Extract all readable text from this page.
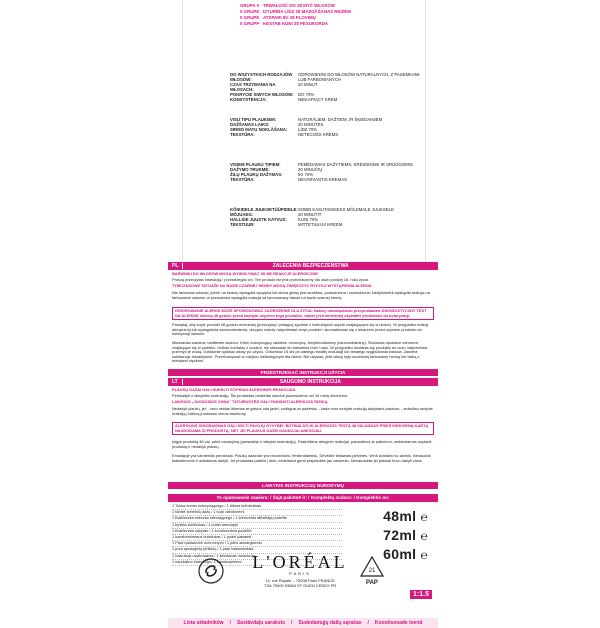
GRUPA 0 TRWAŁOŚĆ DO 28 MYĆ WŁOSÓW
0 GRUPE IZTURĪBA LĪDZ 28 MAZGĀŠANAS REIZĒM
0 GRUPĖ ATSPARI IKI 28 PLOVIMŲ
0 GRUPP KESTAB KUNI 28 PESUKORDA
DO WSZYSTKICH RODZAJÓW WŁOSÓW:
ODPOWIEDNI DO WŁOSÓW NATURALNYCH, Z PASEMKAMI LUB FARBOWANYCH
CZAS TRZYMANIA NA WŁOSACH:
20 MINUT
POKRYCIE SIWYCH WŁOSÓW:	DO 70%
KONSYSTENCJA:	NIEKAPIĄCY KREM
VISU TIPU PLAUKIEM:	NATURĀLIEM, DAŽTIEM, IR ŠĶIEDAINIEM
DAŽŠANAS LAIKS:	20 MINŪTES
SIRMO MATU NOKLĀŠANA:	LĪDZ 70%
TEKSTŪRA:	NETECOŠS KRĒMS
VISIEM PLAUKU TIPIEM:	PEMĖDAMAS DAŽYTIEMS, KRĖSNIOMS IR SRUOGOMIS
DAŽYMO TRUKMĖ:	20 MINUČIŲ
ŽILŲ PLAUKŲ DAŽYMAS:	IKI 70%
TEKSTŪRA:	NEVARVANTIS KREMAS
KÕIKIDELE JUUKSETÜÜPIDELE: SOBIB KASUTAMISEKS MÕLEMALE JUUKSELE
MÕJUAEG:	20 MINUTIT
HALLIDE JUUSTE KATVUS:	KUNI 70%
TEKSTUUR:	MITTETILKUV KREEM
PL	ZALECENIA BEZPIECZEŃSTWA
BARWNIKI DO WŁOSÓW MOGĄ WYWOŁYWAĆ SILNE REAKCJE ALERGICZNE.
Proszę przeczytać instrukcję i przestrzegać ich. Ten produkt nie jest przeznaczony dla osób poniżej 16. roku życia.
TYMCZASOWE TATUAŻE NA BAZIE CZARNEJ HENNY MOGĄ ZWIĘKSZYĆ RYZYKO WYSTĄPIENIA ALERGII.
Nie farbować włosów, jeżeli: na twarzy wystąpiła wysypka lub skóra głowy jest wrażliwa, podrażniona i uszkodzona; kiedykolwiek wystąpiła reakcja na farbowanie włosów; w przeszłości wystąpiła reakcja na tymczasowy tatuaż na bazie czarnej henny.
IGNOROWANIE ALERGII MOŻE SPOWODOWAĆ ZAGROŻENIE DLA ŻYCIA. Należy obowiązkowo przeprowadzić DIAGNOSTYCZNY TEST NA ALERGIĘ skórną 48 godzin przed każdym użyciem tego produktu, nawet jeśli wcześniej używałeś produktów do koloryzacji.
Pamiętaj, aby kupić produkt 48 godzin wcześniej (przeczytaj i postępuj zgodnie z instrukcjami użycia znajdującymi się w ulotce). W przypadku reakcji alergicznej lub wystąpienia zaczerwienienia, obrzęku należy natychmiast zmyć produkt i skontaktować się z lekarzem przed użyciem produktu do koloryzacji włosów.
Mieszanka zawiera: nadtlenek wodoru. Krem koloryzujący zawiera: rezorcynę, fenylenodiaminy (toluenodiaminy). Stosować rękawice ochronne znajdujące się w pudełku. Unikać kontaktu z oczami; nie stosować do barwienia brwi i rzęs. W przypadku dostania się produktu do oczu natychmiast przemyć je wodą. Dokładnie spłukać włosy po użyciu. Odczekać 15 dni po zabiegu trwałej ondulacji lub trwałego wygładzania włosów. Zawiera substancje fotoaktywne. Przechowywać w miejscu niedostępnym dla dzieci. Nie używać, jeśli włosy były wcześniej farbowane henną lub farbą z metalami ciężkimi.
PRZESTRZEGAĆ INSTRUKCJI UŻYCIA
LT	SAUGUMO INSTRUKCIJA
PLAUKŲ DAŽAI GALI SUKELTI STIPRIAS ALERGINES REAKCIJAS.
Perskaityti ir laikykitės instrukcijų. Šis produktas neskirtas naudoti jaunesniems nei 16 metų žmonėms.
LAIKINOS „JUODOSIOS CHNA" TATUIRUOTĖS GALI PADIDINTI ALERGIJOS RIZIKĄ.
Nedažyti plaukų, jei: - tavo veidas išbertas ar galvos oda jautri, sudirgusi ar pažeista; - kada nors turėjote reakciją dažydami plaukus; - anksčiau turėjote reakciją į laikiną juodosios chnos tatuiruotę.
ALERGIJOS IGNORAVIMAS GALI KELTI PAVOJŲ GYVYBEI. BŪTINAI ATLIK ALERGIJOS TESTĄ 48 VALANDAS PRIEŠ KIEKVIENĄ KARTĄ NAUDODAMA ŠĮ PRODUKTĄ, NET JEI PLAUKUS DAŽEI NAUDOJAI ANKSČIAU.
Įsigyk produktą 48 val. prieš naudojimą (perskaityk ir laikykis instrukcijų). Pasireiškus alerginei reakcijai, paraudimui ar patinimui, nedelsdamas nuplauk produktą ir nedažyk plaukų.
Emulsijoje yra vandenilio peroksido. Plaukų dažuose yra rezorcinolio, fenilendiaminų. Dėvėkite tinkamas pirštines. Venk kontakto su akimis. Nenaudok blakstienoms ir antakiams dažyti. Jei produktas pateko į akis, nedelsiant gerai praplaukite jas vandeniu. Nenaudokite jei plaukai buvo dažyti chna.
LAIKYKIS INSTRUKCIJŲ NURODYMŲ
To opakowanie zawiera: / Šajā pakotnē ir: / Komplektą sudaro: / Komplektis on:
1 Tubka kremu koloryzującego / 1 tūbiņa krēmkrāsas
1 tūbelė kreminių dažų / 1 tuub värvikreemi
1 Buteleczka mleczka utleniającego / 1 krēmveida attīstītāja pudelīte
1 tirpiklio buteliukas / 1 pudel arendajat
1 Buteleczka odżywki / 1 kondicioniera pudelīte
1 kondicionieriaus buteliukas / 1 pudel palsamit
1 Para rękawiczek ochronnych / 1 pāris aizsargcimdu
1 pora apsauginių pirštinių / 1 paar kaitsekindaid
1 Instrukcja użytkowania / 1 lietošanas instrukcija
1 naudojimo instrukcija / 1 kasutusjuhend
48ml ℮
72ml ℮
60ml ℮
1:1.5
Lista składników / Sastāvdaļu saraksts / Sudedamųjų dalių sąrašas / Koostisosade loend
L'ORÉAL
PARIS
14, rue Royale – 75008 Paris FRANCE
TSA 75000 93584 ST OUEN CEDEX FR
21
PAP
